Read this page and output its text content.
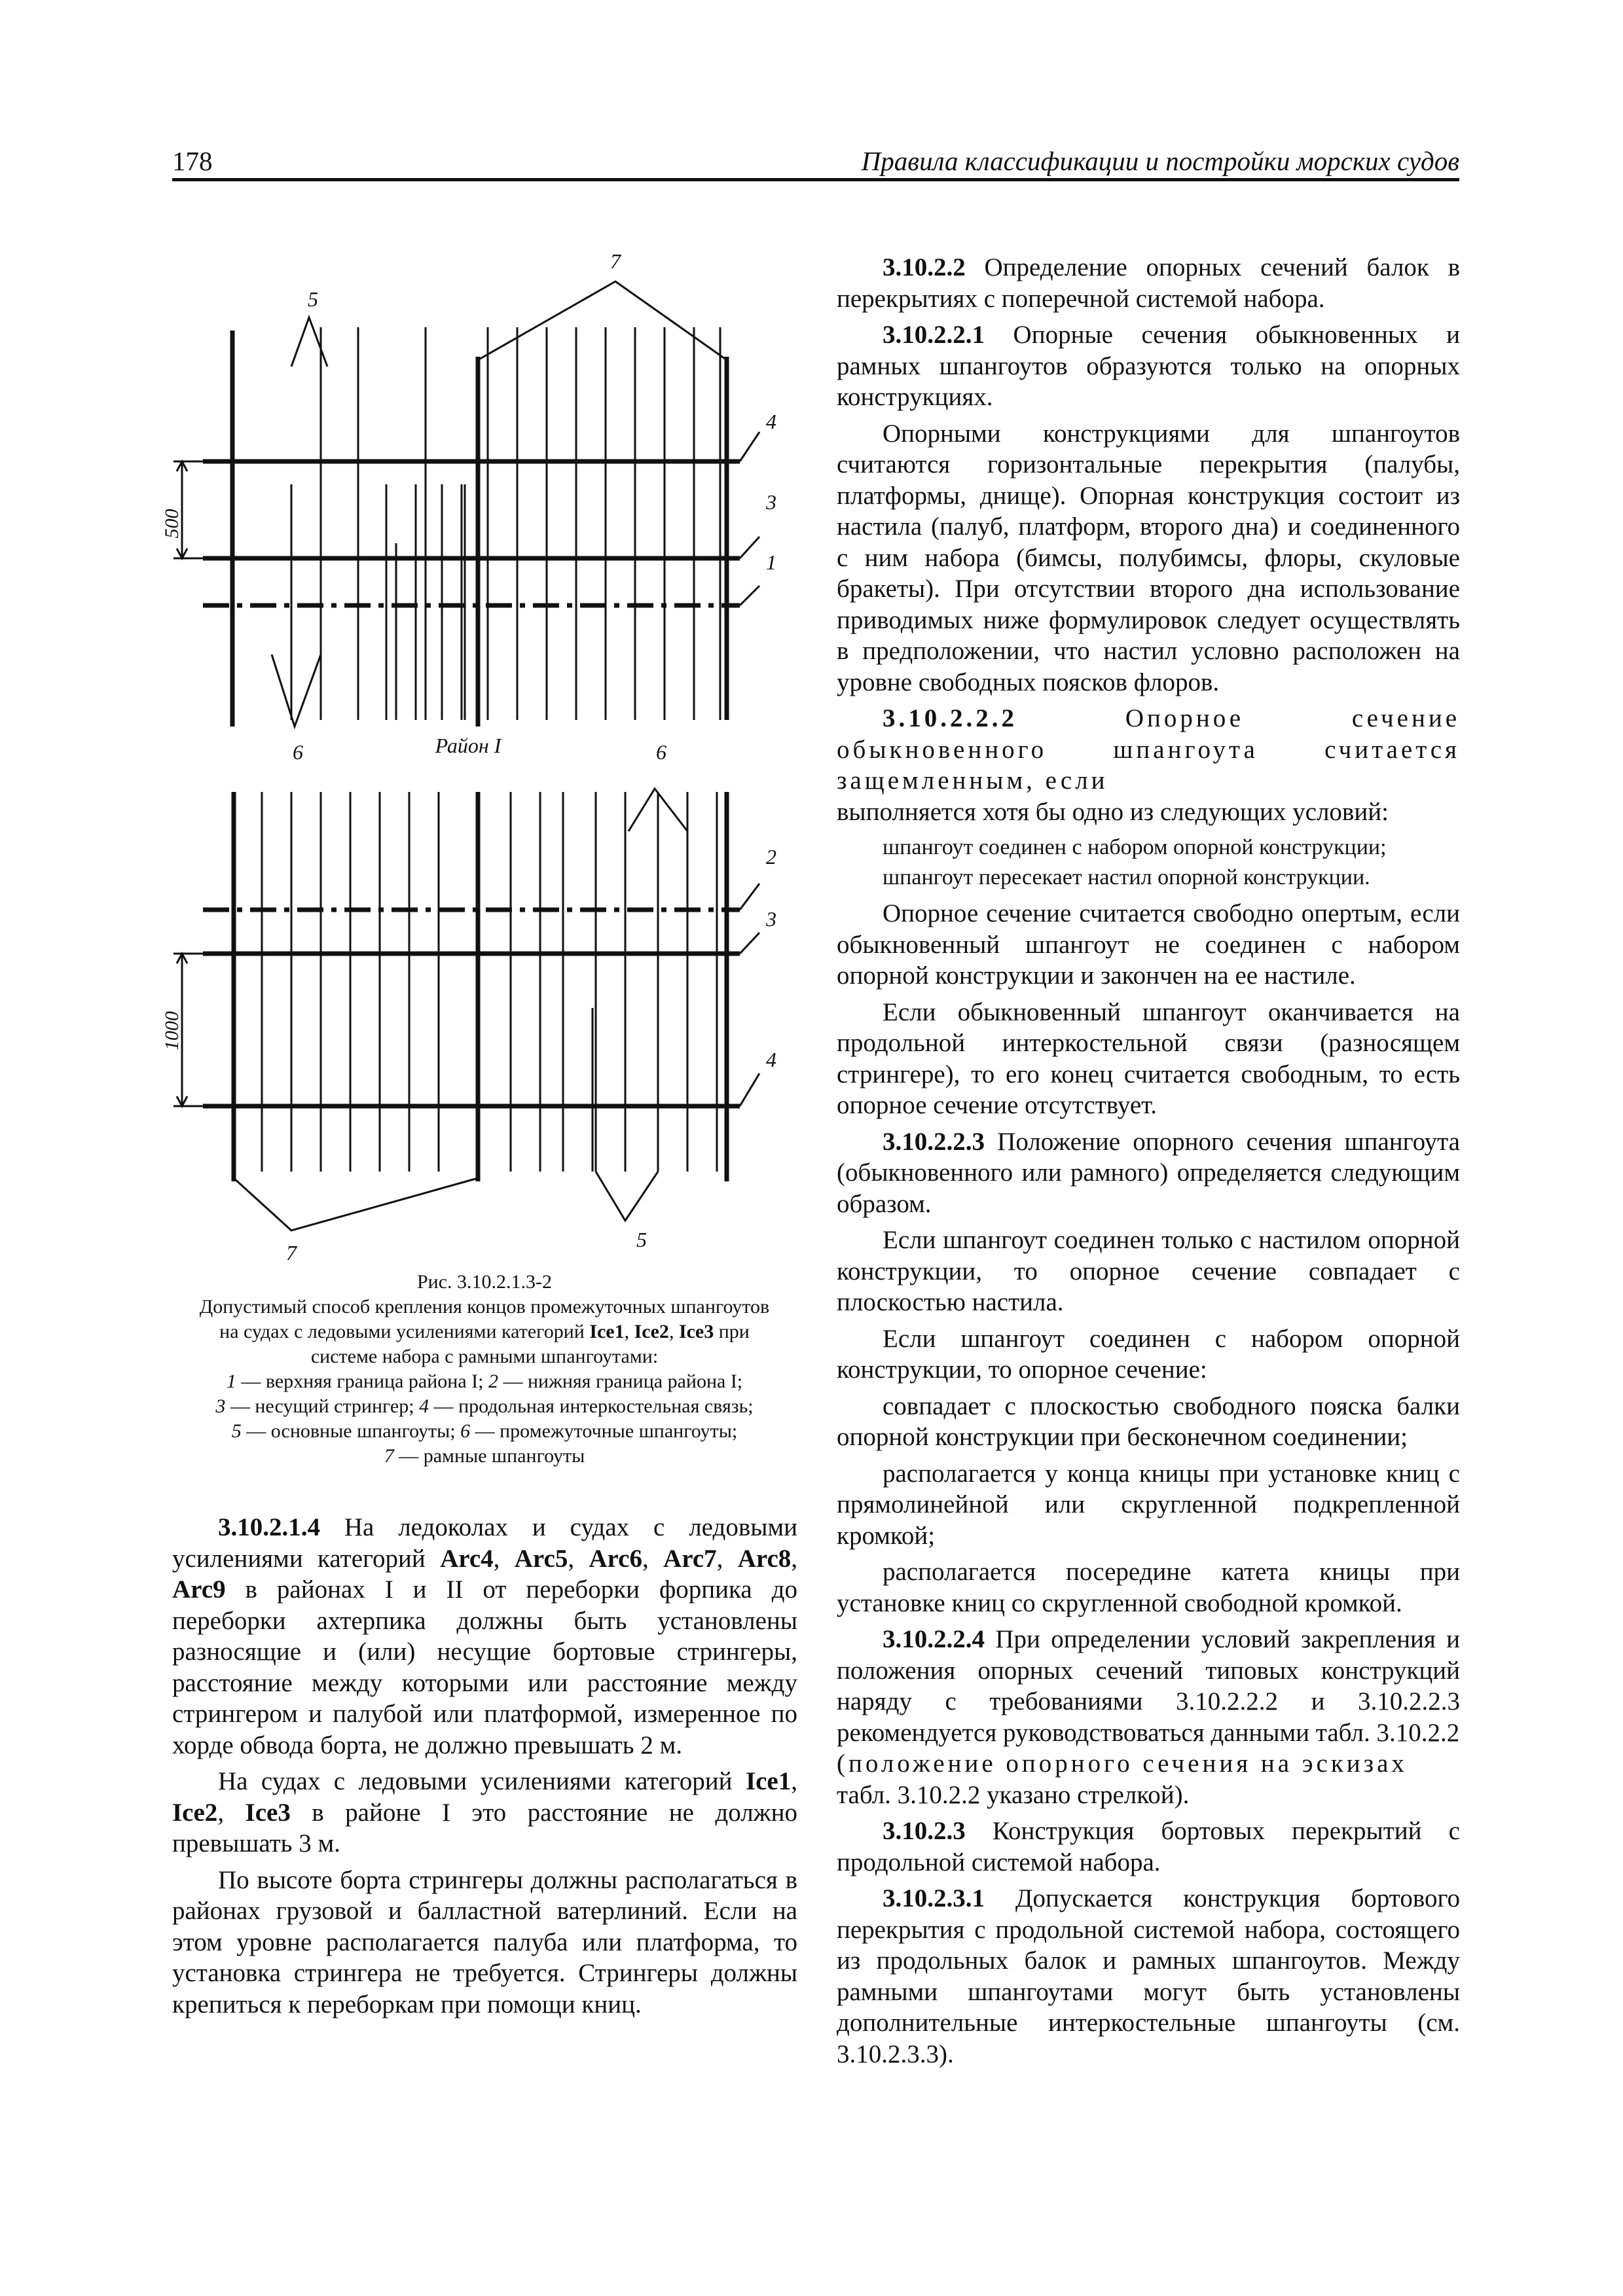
178	Правила классификации и постройки морских судов
7
5
4
3
1
6
500
Район I	6
2
3
4
5
7
1000
Рис. 3.10.2.1.3-2
Допустимый способ крепления концов промежуточных шпангоутов
на судах с ледовыми усилениями категорий Ice1, Ice2, Ice3 при
системе набора с рамными шпангоутами:
1 — верхняя граница района I; 2 — нижняя граница района I;
3 — несущий стрингер; 4 — продольная интеркостельная связь;
5 — основные шпангоуты; 6 — промежуточные шпангоуты;
7 — рамные шпангоуты

3.10.2.1.4 На ледоколах и судах с ледовыми усилениями категорий Arc4, Arc5, Arc6, Arc7, Arc8, Arc9 в районах I и II от переборки форпика до переборки ахтерпика должны быть установлены разносящие и (или) несущие бортовые стрингеры, расстояние между которыми или расстояние между стрингером и палубой или платформой, измеренное по хорде обвода борта, не должно превышать 2 м.

На судах с ледовыми усилениями категорий Ice1, Ice2, Ice3 в районе I это расстояние не должно превышать 3 м.

По высоте борта стрингеры должны располагаться в районах грузовой и балластной ватерлиний. Если на этом уровне располагается палуба или платформа, то установка стрингера не требуется. Стрингеры должны крепиться к переборкам при помощи книц.

3.10.2.2 Определение опорных сечений балок в перекрытиях с поперечной системой набора.

3.10.2.2.1 Опорные сечения обыкновенных и рамных шпангоутов образуются только на опорных конструкциях.

Опорными конструкциями для шпангоутов считаются горизонтальные перекрытия (палубы, платформы, днище). Опорная конструкция состоит из настила (палуб, платформ, второго дна) и соединенного с ним набора (бимсы, полубимсы, флоры, скуловые бракеты). При отсутствии второго дна использование приводимых ниже формулировок следует осуществлять в предположении, что настил условно расположен на уровне свободных поясков флоров.

3.10.2.2.2 Опорное сечение обыкновенного шпангоута считается защемленным, если

выполняется хотя бы одно из следующих условий:

шпангоут соединен с набором опорной конструкции;

шпангоут пересекает настил опорной конструкции.

Опорное сечение считается свободно опертым, если обыкновенный шпангоут не соединен с набором опорной конструкции и закончен на ее настиле.

Если обыкновенный шпангоут оканчивается на продольной интеркостельной связи (разносящем стрингере), то его конец считается свободным, то есть опорное сечение отсутствует.

3.10.2.2.3 Положение опорного сечения шпангоута (обыкновенного или рамного) определяется следующим образом.

Если шпангоут соединен только с настилом опорной конструкции, то опорное сечение совпадает с плоскостью настила.

Если шпангоут соединен с набором опорной конструкции, то опорное сечение:

совпадает с плоскостью свободного пояска балки опорной конструкции при бесконечном соединении;

располагается у конца кницы при установке книц с прямолинейной или скругленной подкрепленной кромкой;

располагается посередине катета кницы при установке книц со скругленной свободной кромкой.

3.10.2.2.4 При определении условий закрепления и положения опорных сечений типовых конструкций наряду с требованиями 3.10.2.2.2 и 3.10.2.2.3 рекомендуется руководствоваться данными табл. 3.10.2.2

(положение опорного сечения на эскизах

табл. 3.10.2.2 указано стрелкой).

3.10.2.3 Конструкция бортовых перекрытий с продольной системой набора.

3.10.2.3.1 Допускается конструкция бортового перекрытия с продольной системой набора, состоящего из продольных балок и рамных шпангоутов. Между рамными шпангоутами могут быть установлены дополнительные интеркостельные шпангоуты (см. 3.10.2.3.3).
